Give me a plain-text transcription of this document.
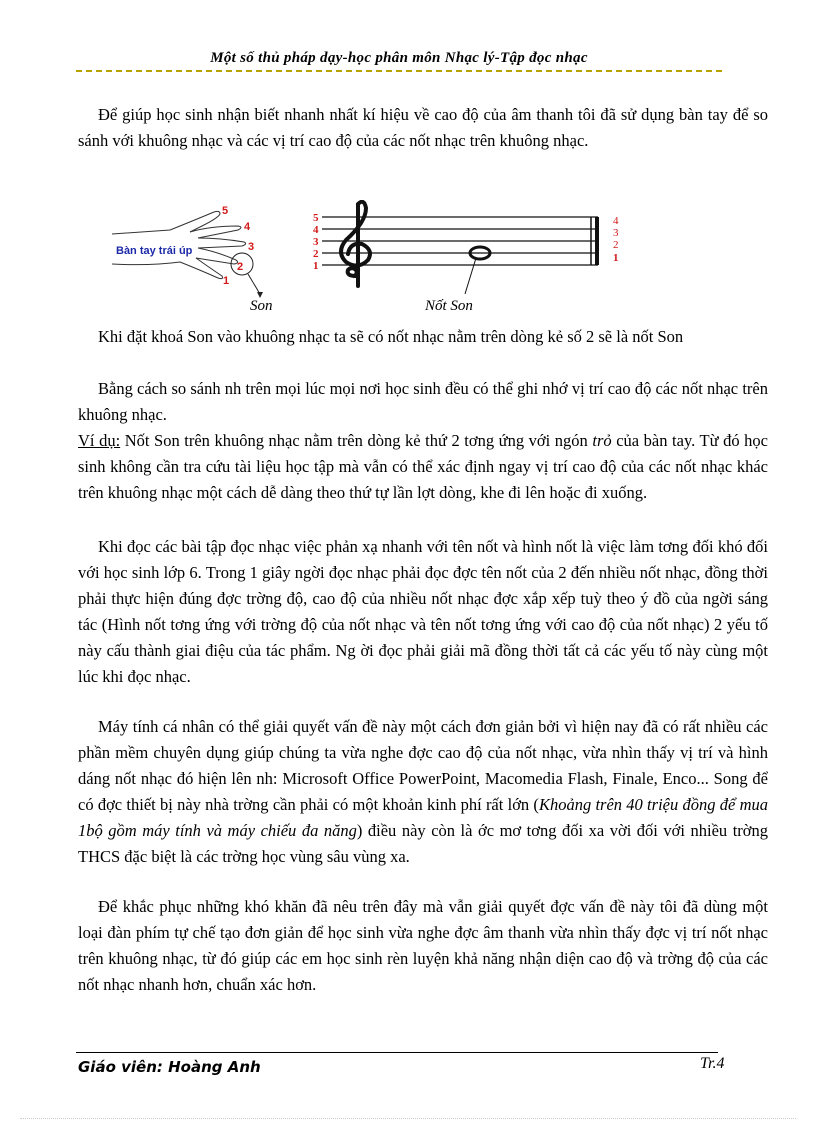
Một số thủ pháp dạy-học phân môn Nhạc lý-Tập đọc nhạc

Để giúp học sinh nhận biết nhanh nhất kí hiệu về cao độ của âm thanh tôi đã sử dụng bàn tay để so sánh với khuông nhạc và các vị trí cao độ của các nốt nhạc trên khuông nhạc.

Bàn tay trái úp
5
4
3
2
1
5
4
3
2
1
4
3
2
1
Son	Nốt Son

Khi đặt khoá Son vào khuông nhạc ta sẽ có nốt nhạc nằm trên dòng kẻ số 2 sẽ là nốt Son

Bằng cách so sánh nh trên mọi lúc mọi nơi học sinh đều có thể ghi nhớ vị trí cao độ các nốt nhạc trên khuông nhạc.

Ví dụ: Nốt Son trên khuông nhạc nằm trên dòng kẻ thứ 2 tơng ứng với ngón trỏ của bàn tay. Từ đó học sinh không cần tra cứu tài liệu học tập mà vẫn có thể xác định ngay vị trí cao độ của các nốt nhạc khác trên khuông nhạc một cách dễ dàng theo thứ tự lần lợt dòng, khe đi lên hoặc đi xuống.

Khi đọc các bài tập đọc nhạc việc phản xạ nhanh với tên nốt và hình nốt là việc làm tơng đối khó đối với học sinh lớp 6. Trong 1 giây ngời đọc nhạc phải đọc đợc tên nốt của 2 đến nhiều nốt nhạc, đồng thời phải thực hiện đúng đợc trờng độ, cao độ của nhiều nốt nhạc đợc xắp xếp tuỳ theo ý đồ của ngời sáng tác (Hình nốt tơng ứng với trờng độ của nốt nhạc và tên nốt tơng ứng với cao độ của nốt nhạc) 2 yếu tố này cấu thành giai điệu của tác phẩm. Ng ời đọc phải giải mã đồng thời tất cả các yếu tố này cùng một lúc khi đọc nhạc.

Máy tính cá nhân có thể giải quyết vấn đề này một cách đơn giản bởi vì hiện nay đã có rất nhiều các phần mềm chuyên dụng giúp chúng ta vừa nghe đợc cao độ của nốt nhạc, vừa nhìn thấy vị trí và hình dáng nốt nhạc đó hiện lên nh: Microsoft Office PowerPoint, Macomedia Flash, Finale, Enco... Song để có đợc thiết bị này nhà trờng cần phải có một khoản kinh phí rất lớn (Khoảng trên 40 triệu đồng để mua 1bộ gồm máy tính và máy chiếu đa năng) điều này còn là ớc mơ tơng đối xa vời đối với nhiều trờng THCS đặc biệt là các trờng học vùng sâu vùng xa.

Để khắc phục những khó khăn đã nêu trên đây mà vẫn giải quyết đợc vấn đề này tôi đã dùng một loại đàn phím tự chế tạo đơn giản để học sinh vừa nghe đợc âm thanh vừa nhìn thấy đợc vị trí nốt nhạc trên khuông nhạc, từ đó giúp các em học sinh rèn luyện khả năng nhận diện cao độ và trờng độ của các nốt nhạc nhanh hơn, chuẩn xác hơn.

Giáo viên: Hoàng Anh	Tr.4
